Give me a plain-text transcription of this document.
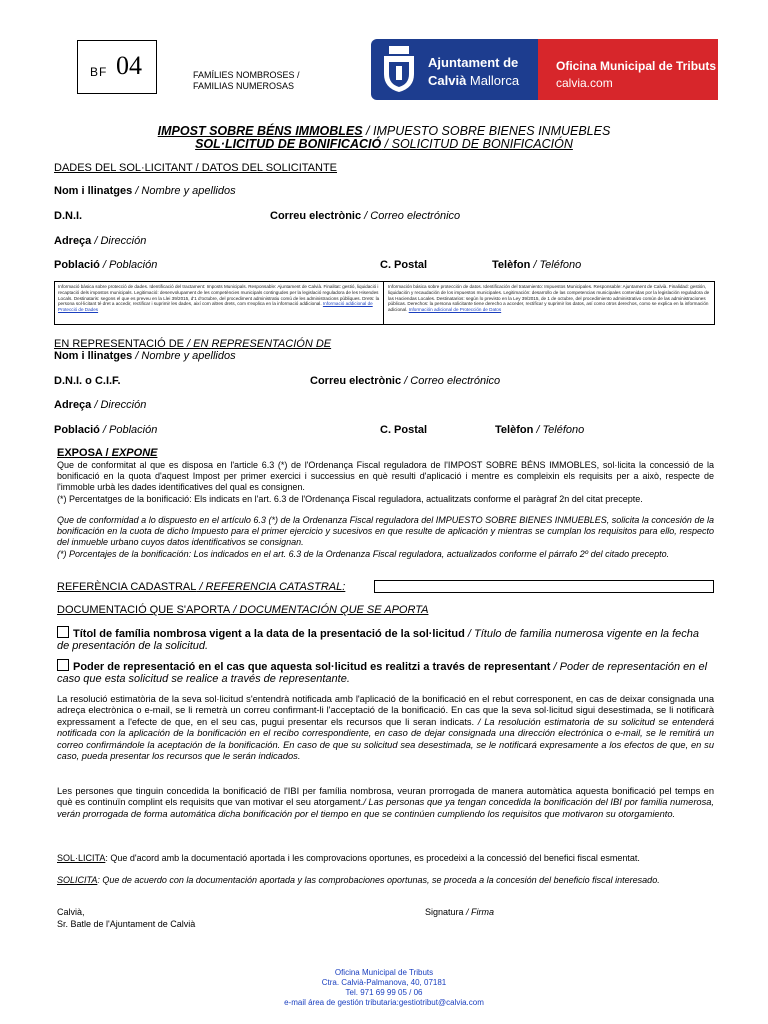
BF 04	FAMÍLIES NOMBROSES /
FAMILIAS NUMEROSAS
Ajuntament de
Calvià Mallorca
Oficina Municipal de Tributs
calvia.com
IMPOST SOBRE BÉNS IMMOBLES / IMPUESTO SOBRE BIENES INMUEBLES
SOL·LICITUD DE BONIFICACIÓ / SOLICITUD DE BONIFICACIÓN
DADES DEL SOL·LICITANT / DATOS DEL SOLICITANTE
Nom i llinatges / Nombre y apellidos
D.N.I.	Correu electrònic / Correo electrónico
Adreça / Dirección
Població / Población	C. Postal	Telèfon / Teléfono
Informació bàsica sobre protecció de dades. Identificació del tractament: Imposts Municipals. Responsable: Ajuntament de Calvià. Finalitat: gestió, liquidació i recaptació dels impostos municipals. Legitimació: desenvolupament de les competències municipals contingudes per la legislació reguladora de les Hisendes Locals. Destinataris: segons el que es preveu en la Llei 39/2015, d'1 d'octubre, del procediment administratiu comú de les administracions públiques. Drets: la persona sol·licitant té dret a accedir, rectificar i suprimir les dades, així com altres drets, com s'explica en la informació addicional. Informació addicional de Protecció de Dades
Información básica sobre protección de datos. Identificación del tratamiento: Impuestos Municipales. Responsable: Ajuntament de Calvià. Finalidad: gestión, liquidación y recaudación de los impuestos municipales. Legitimación: desarrollo de las competencias municipales contenidas por la legislación reguladora de las Haciendas Locales. Destinatarios: según lo previsto en la Ley 39/2015, de 1 de octubre, del procedimiento administrativo común de las administraciones públicas. Derechos: la persona solicitante tiene derecho a acceder, rectificar y suprimir los datos, así como otros derechos, como se explica en la información adicional. Información adicional de Protección de Datos
EN REPRESENTACIÓ DE / EN REPRESENTACIÓN DE
Nom i llinatges / Nombre y apellidos
D.N.I. o C.I.F.	Correu electrònic / Correo electrónico
Adreça / Dirección
Població / Población	C. Postal	Telèfon / Teléfono
EXPOSA / EXPONE
Que de conformitat al que es disposa en l'article 6.3 (*) de l'Ordenança Fiscal reguladora de l'IMPOST SOBRE BÉNS IMMOBLES, sol·licita la concessió de la bonificació en la quota d'aquest Impost per primer exercici i successius en què resulti d'aplicació i mentre es compleixin els requisits per a això, respecte de l'immoble urbà les dades identificatives del qual es consignen.
(*) Percentatges de la bonificació: Els indicats en l'art. 6.3 de l'Ordenança Fiscal reguladora, actualitzats conforme el paràgraf 2n del citat precepte.
Que de conformidad a lo dispuesto en el artículo 6.3 (*) de la Ordenanza Fiscal reguladora del IMPUESTO SOBRE BIENES INMUEBLES, solicita la concesión de la bonificación en la cuota de dicho Impuesto para el primer ejercicio y sucesivos en que resulte de aplicación y mientras se cumplan los requisitos para ello, respecto del inmueble urbano cuyos datos identificativos se consignan.
(*) Porcentajes de la bonificación: Los indicados en el art. 6.3 de la Ordenanza Fiscal reguladora, actualizados conforme el párrafo 2º del citado precepto.
REFERÈNCIA CADASTRAL / REFERENCIA CATASTRAL:
DOCUMENTACIÓ QUE S'APORTA / DOCUMENTACIÓN QUE SE APORTA
Títol de família nombrosa vigent a la data de la presentació de la sol·licitud / Título de familia numerosa vigente en la fecha de presentación de la solicitud.
Poder de representació en el cas que aquesta sol·licitud es realitzi a través de representant / Poder de representación en el caso que esta solicitud se realice a través de representante.
La resolució estimatòria de la seva sol·licitud s'entendrà notificada amb l'aplicació de la bonificació en el rebut corresponent, en cas de deixar consignada una adreça electrònica o e-mail, se li remetrà un correu confirmant-li l'acceptació de la bonificació. En cas que la seva sol·licitud sigui desestimada, se li notificarà expressament a l'efecte de que, en el seu cas, pugui presentar els recursos que li seran indicats. / La resolución estimatoria de su solicitud se entenderá notificada con la aplicación de la bonificación en el recibo correspondiente, en caso de dejar consignada una dirección electrónica o e-mail, se le remitirá un correo confirmándole la aceptación de la bonificación. En caso de que su solicitud sea desestimada, se le notificará expresamente a los efectos de que, en su caso, pueda presentar los recursos que le serán indicados.
Les persones que tinguin concedida la bonificació de l'IBI per família nombrosa, veuran prorrogada de manera automàtica aquesta bonificació pel temps en què es continuïn complint els requisits que van motivar el seu atorgament./ Las personas que ya tengan concedida la bonificación del IBI por familia numerosa, verán prorrogada de forma automática dicha bonificación por el tiempo en que se continúen cumpliendo los requisitos que motivaron su otorgamiento.
SOL·LICITA: Que d'acord amb la documentació aportada i les comprovacions oportunes, es procedeixi a la concessió del benefici fiscal esmentat.
SOLICITA: Que de acuerdo con la documentación aportada y las comprobaciones oportunas, se proceda a la concesión del beneficio fiscal interesado.
Calvià,
Sr. Batle de l'Ajuntament de Calvià
Signatura / Firma
Oficina Municipal de Tributs
Ctra. Calvià-Palmanova, 40, 07181
Tel. 971 69 99 05 / 06
e-mail área de gestión tributaria:gestiotribut@calvia.com
